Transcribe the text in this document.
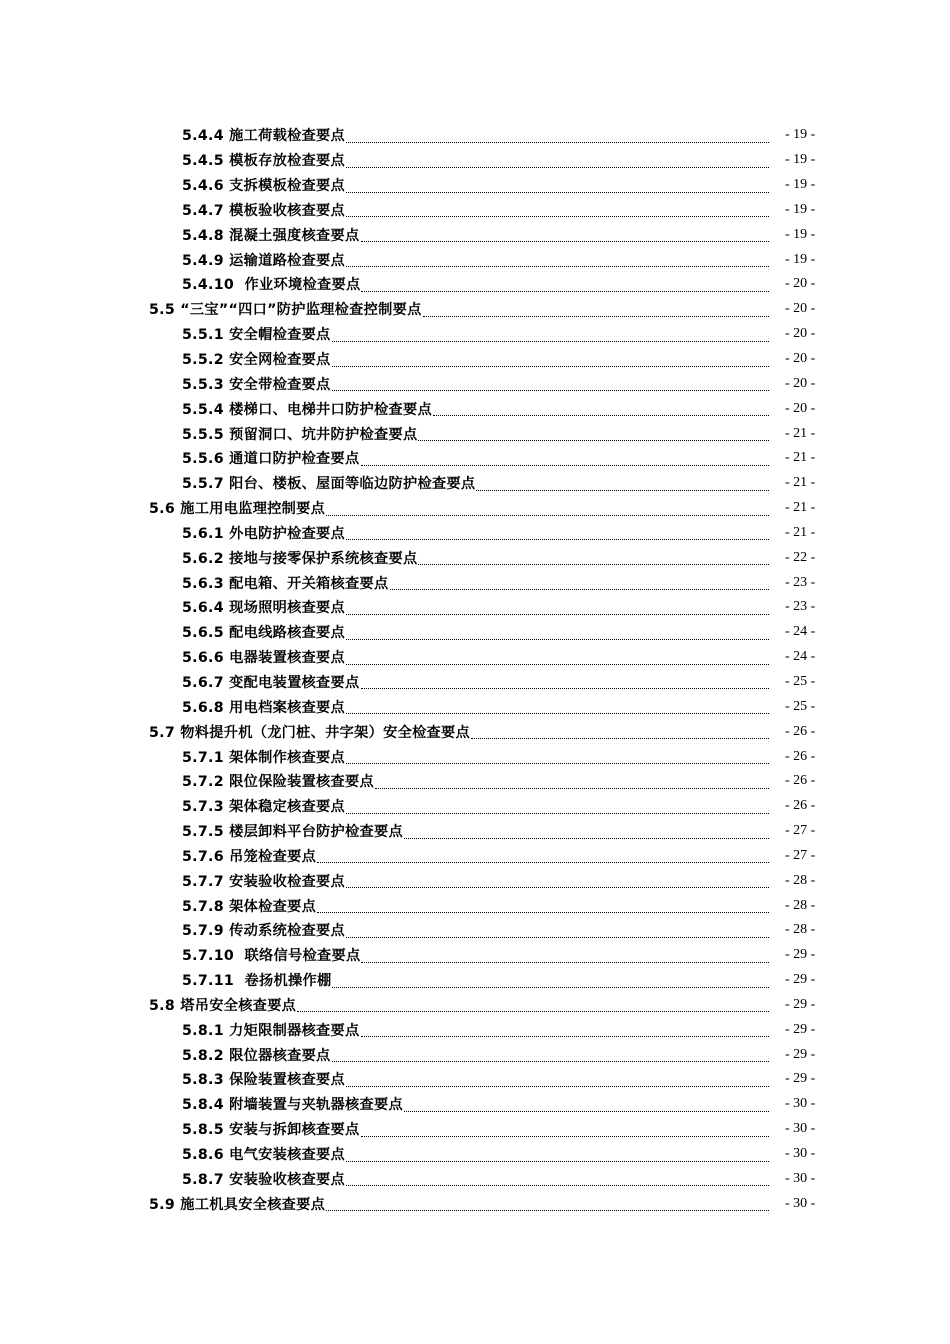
5.4.4 施工荷载检查要点	- 19 -
5.4.5 模板存放检查要点	- 19 -
5.4.6 支拆模板检查要点	- 19 -
5.4.7 模板验收核查要点	- 19 -
5.4.8 混凝土强度核查要点	- 19 -
5.4.9 运输道路检查要点	- 19 -
5.4.10  作业环境检查要点	- 20 -
5.5 “三宝”“四口”防护监理检查控制要点	- 20 -
5.5.1 安全帽检查要点	- 20 -
5.5.2 安全网检查要点	- 20 -
5.5.3 安全带检查要点	- 20 -
5.5.4 楼梯口、电梯井口防护检查要点	- 20 -
5.5.5 预留洞口、坑井防护检查要点	- 21 -
5.5.6 通道口防护检查要点	- 21 -
5.5.7 阳台、楼板、屋面等临边防护检查要点	- 21 -
5.6 施工用电监理控制要点	- 21 -
5.6.1 外电防护检查要点	- 21 -
5.6.2 接地与接零保护系统核查要点	- 22 -
5.6.3 配电箱、开关箱核查要点	- 23 -
5.6.4 现场照明核查要点	- 23 -
5.6.5 配电线路核查要点	- 24 -
5.6.6 电器装置核查要点	- 24 -
5.6.7 变配电装置核查要点	- 25 -
5.6.8 用电档案核查要点	- 25 -
5.7 物料提升机（龙门桩、井字架）安全检查要点	- 26 -
5.7.1 架体制作核查要点	- 26 -
5.7.2 限位保险装置核查要点	- 26 -
5.7.3 架体稳定核查要点	- 26 -
5.7.5 楼层卸料平台防护检查要点	- 27 -
5.7.6 吊笼检查要点	- 27 -
5.7.7 安装验收检查要点	- 28 -
5.7.8 架体检查要点	- 28 -
5.7.9 传动系统检查要点	- 28 -
5.7.10  联络信号检查要点	- 29 -
5.7.11  卷扬机操作棚	- 29 -
5.8 塔吊安全核查要点	- 29 -
5.8.1 力矩限制器核查要点	- 29 -
5.8.2 限位器核查要点	- 29 -
5.8.3 保险装置核查要点	- 29 -
5.8.4 附墙装置与夹轨器核查要点	- 30 -
5.8.5 安装与拆卸核查要点	- 30 -
5.8.6 电气安装核查要点	- 30 -
5.8.7 安装验收核查要点	- 30 -
5.9 施工机具安全核查要点	- 30 -
